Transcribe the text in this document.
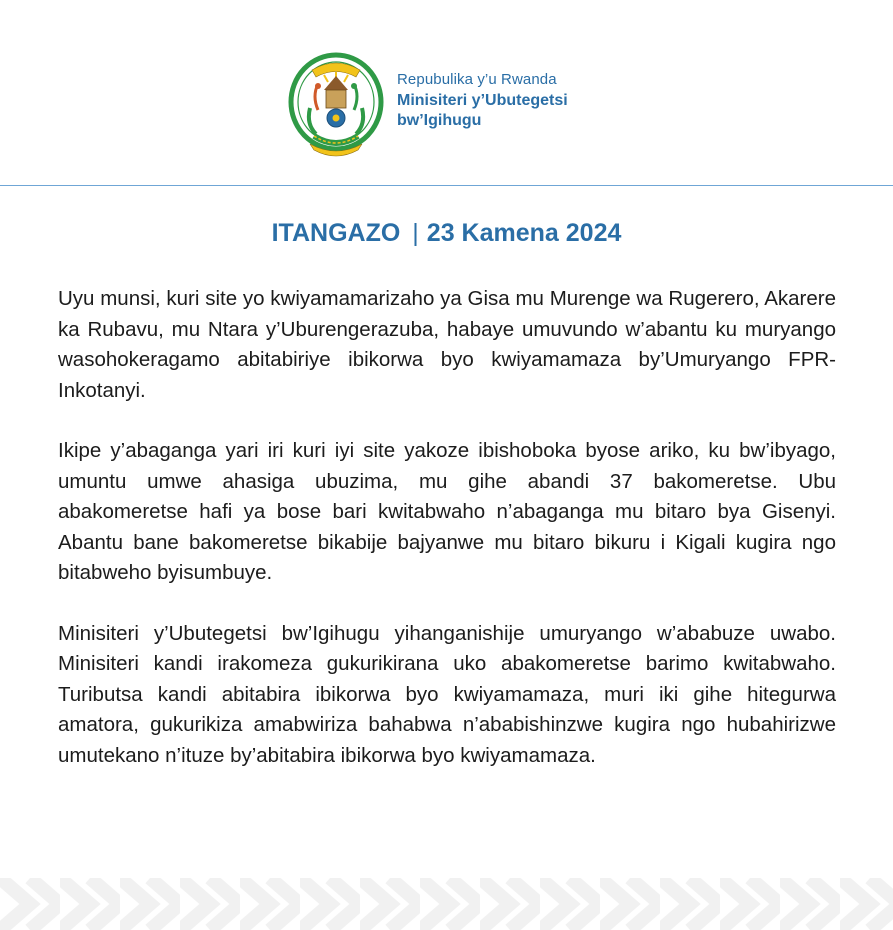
Repubulika y’u Rwanda
Minisiteri y’Ubutegetsi
bw’Igihugu
ITANGAZO | 23 Kamena 2024

Uyu munsi, kuri site yo kwiyamamarizaho ya Gisa mu Murenge wa Rugerero, Akarere ka Rubavu, mu Ntara y’Uburengerazuba, habaye umuvundo w’abantu ku muryango wasohokeragamo abitabiriye ibikorwa byo kwiyamamaza by’Umuryango FPR-Inkotanyi.

Ikipe y’abaganga yari iri kuri iyi site yakoze ibishoboka byose ariko, ku bw’ibyago, umuntu umwe ahasiga ubuzima, mu gihe abandi 37 bakomeretse. Ubu abakomeretse hafi ya bose bari kwitabwaho n’abaganga mu bitaro bya Gisenyi. Abantu bane bakomeretse bikabije bajyanwe mu bitaro bikuru i Kigali kugira ngo bitabweho byisumbuye.

Minisiteri y’Ubutegetsi bw’Igihugu yihanganishije umuryango w’ababuze uwabo. Minisiteri kandi irakomeza gukurikirana uko abakomeretse barimo kwitabwaho. Tuributsa kandi abitabira ibikorwa byo kwiyamamaza, muri iki gihe hitegurwa amatora, gukurikiza amabwiriza bahabwa n’ababishinzwe kugira ngo hubahirizwe umutekano n’ituze by’abitabira ibikorwa byo kwiyamamaza.
